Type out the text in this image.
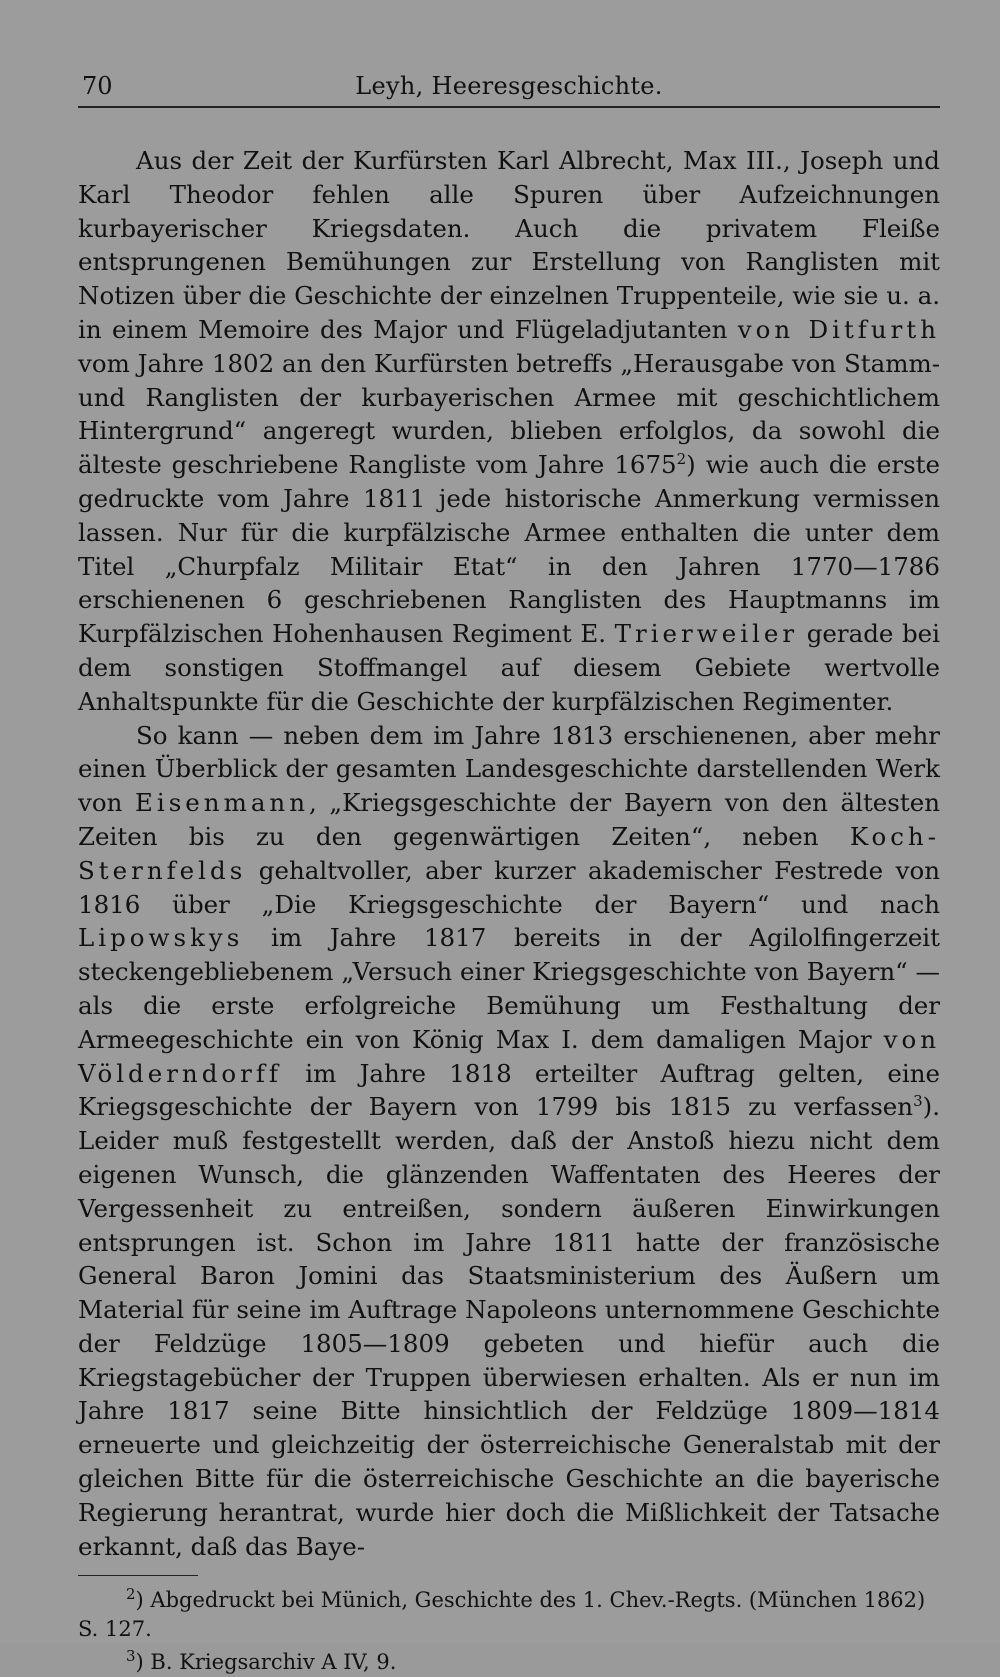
70	Leyh, Heeresgeschichte.

Aus der Zeit der Kurfürsten Karl Albrecht, Max III., Joseph und Karl Theodor fehlen alle Spuren über Aufzeichnungen kurbayerischer Kriegsdaten. Auch die privatem Fleiße entsprungenen Bemühungen zur Erstellung von Ranglisten mit Notizen über die Geschichte der einzelnen Truppenteile, wie sie u. a. in einem Memoire des Major und Flügeladjutanten von Ditfurth vom Jahre 1802 an den Kurfürsten betreffs „Herausgabe von Stamm- und Ranglisten der kurbayerischen Armee mit geschichtlichem Hintergrund“ angeregt wurden, blieben erfolglos, da sowohl die älteste geschriebene Rangliste vom Jahre 1675$^2$) wie auch die erste gedruckte vom Jahre 1811 jede historische Anmerkung vermissen lassen. Nur für die kurpfälzische Armee enthalten die unter dem Titel „Churpfalz Militair Etat“ in den Jahren 1770—1786 erschienenen 6 geschriebenen Ranglisten des Hauptmanns im Kurpfälzischen Hohenhausen Regiment E. Trierweiler gerade bei dem sonstigen Stoffmangel auf diesem Gebiete wertvolle Anhaltspunkte für die Geschichte der kurpfälzischen Regimenter.

So kann — neben dem im Jahre 1813 erschienenen, aber mehr einen Überblick der gesamten Landesgeschichte darstellenden Werk von Eisenmann, „Kriegsgeschichte der Bayern von den ältesten Zeiten bis zu den gegenwärtigen Zeiten“, neben Koch-Sternfelds gehaltvoller, aber kurzer akademischer Festrede von 1816 über „Die Kriegsgeschichte der Bayern“ und nach Lipowskys im Jahre 1817 bereits in der Agilolfingerzeit steckengebliebenem „Versuch einer Kriegsgeschichte von Bayern“ — als die erste erfolgreiche Bemühung um Festhaltung der Armeegeschichte ein von König Max I. dem damaligen Major von Völderndorff im Jahre 1818 erteilter Auftrag gelten, eine Kriegsgeschichte der Bayern von 1799 bis 1815 zu verfassen$^3$). Leider muß festgestellt werden, daß der Anstoß hiezu nicht dem eigenen Wunsch, die glänzenden Waffentaten des Heeres der Vergessenheit zu entreißen, sondern äußeren Einwirkungen entsprungen ist. Schon im Jahre 1811 hatte der französische General Baron Jomini das Staatsministerium des Äußern um Material für seine im Auftrage Napoleons unternommene Geschichte der Feldzüge 1805—1809 gebeten und hiefür auch die Kriegstagebücher der Truppen überwiesen erhalten. Als er nun im Jahre 1817 seine Bitte hinsichtlich der Feldzüge 1809—1814 erneuerte und gleichzeitig der österreichische Generalstab mit der gleichen Bitte für die österreichische Geschichte an die bayerische Regierung herantrat, wurde hier doch die Mißlichkeit der Tatsache erkannt, daß das Baye-

$^2$) Abgedruckt bei Münich, Geschichte des 1. Chev.-Regts. (München 1862) S. 127.

$^3$) B. Kriegsarchiv A IV, 9.
